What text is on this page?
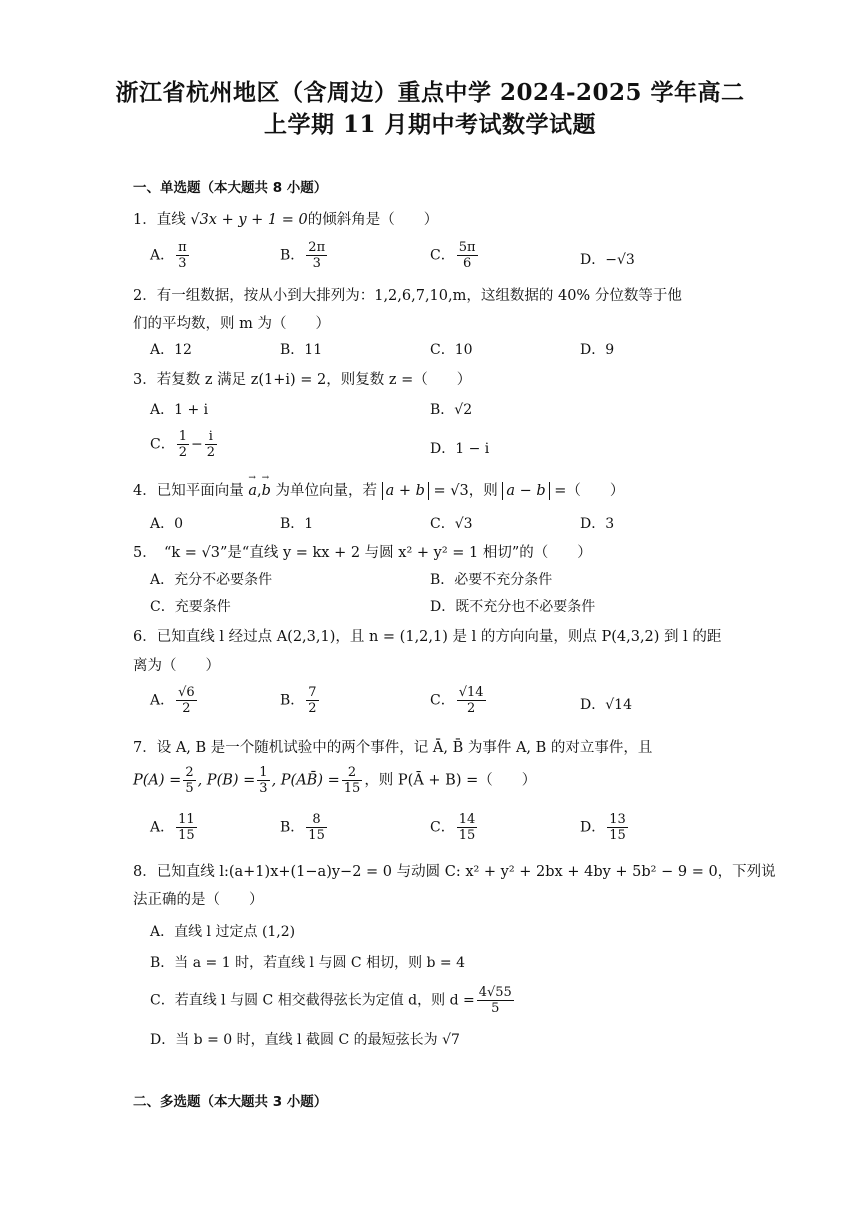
浙江省杭州地区（含周边）重点中学 2024-2025 学年高二
上学期 11 月期中考试数学试题
一、单选题（本大题共 8 小题）
1．直线 √3x + y + 1 = 0的倾斜角是（　　）
A． $\frac{\pi}{3}$	B． $\frac{2\pi}{3}$	C． $\frac{5\pi}{6}$	D．−√3
2．有一组数据，按从小到大排列为：1,2,6,7,10,m，这组数据的 40% 分位数等于他
们的平均数，则 m 为（　　）
A．12	B．11	C．10	D．9
3．若复数 z 满足 z(1+i) = 2，则复数 z =（　　）
A．1 + i	B．√2
C． $\frac{1}{2} - \frac{i}{2}$	D．1 − i
4．已知平面向量 → a,→ b 为单位向量，若 a + b = √3，则 a − b =（　　）
A．0	B．1	C．√3	D．3
5．　“k = √3”是“直线 y = kx + 2 与圆 x² + y² = 1 相切”的（　　）
A．充分不必要条件	B．必要不充分条件
C．充要条件	D．既不充分也不必要条件
6．已知直线 l 经过点 A(2,3,1)，且 n = (1,2,1) 是 l 的方向向量，则点 P(4,3,2) 到 l 的距
离为（　　）
A． $\frac{√6}{2}$	B． $\frac{7}{2}$	C． $\frac{√14}{2}$	D．√14
7．设 A, B 是一个随机试验中的两个事件，记 Ā, B̄ 为事件 A, B 的对立事件，且
$P(A) = \frac{2}{5}$ , $P(B) = \frac{1}{3}$ , P(AB̄) = $\frac{2}{15}$ ，则 P(Ā + B) =（　　）
A． $\frac{11}{15}$	B． $\frac{8}{15}$	C． $\frac{14}{15}$	D． $\frac{13}{15}$
8．已知直线 l:(a+1)x+(1−a)y−2 = 0 与动圆 C: x² + y² + 2bx + 4by + 5b² − 9 = 0，下列说
法正确的是（　　）
A．直线 l 过定点 (1,2)
B．当 a = 1 时，若直线 l 与圆 C 相切，则 b = 4
C．若直线 l 与圆 C 相交截得弦长为定值 d，则 $d = \frac{4√55}{5}$
D．当 b = 0 时，直线 l 截圆 C 的最短弦长为 √7
二、多选题（本大题共 3 小题）
